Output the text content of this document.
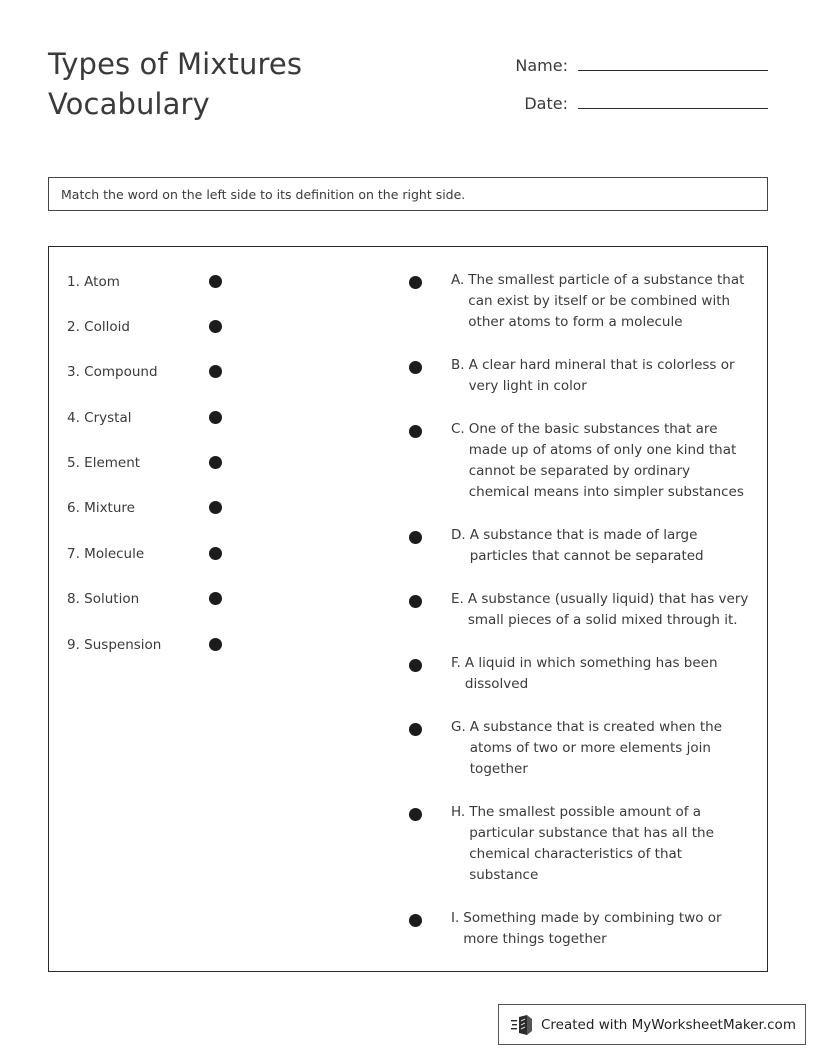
Types of Mixtures
Vocabulary
Name:
Date:
Match the word on the left side to its definition on the right side.
1. Atom
2. Colloid
3. Compound
4. Crystal
5. Element
6. Mixture
7. Molecule
8. Solution
9. Suspension
A. The smallest particle of a substance that can exist by itself or be combined with other atoms to form a molecule
B. A clear hard mineral that is colorless or very light in color
C. One of the basic substances that are made up of atoms of only one kind that cannot be separated by ordinary chemical means into simpler substances
D. A substance that is made of large particles that cannot be separated
E. A substance (usually liquid) that has very small pieces of a solid mixed through it.
F. A liquid in which something has been dissolved
G. A substance that is created when the atoms of two or more elements join together
H. The smallest possible amount of a particular substance that has all the chemical characteristics of that substance
I. Something made by combining two or more things together
Created with MyWorksheetMaker.com
